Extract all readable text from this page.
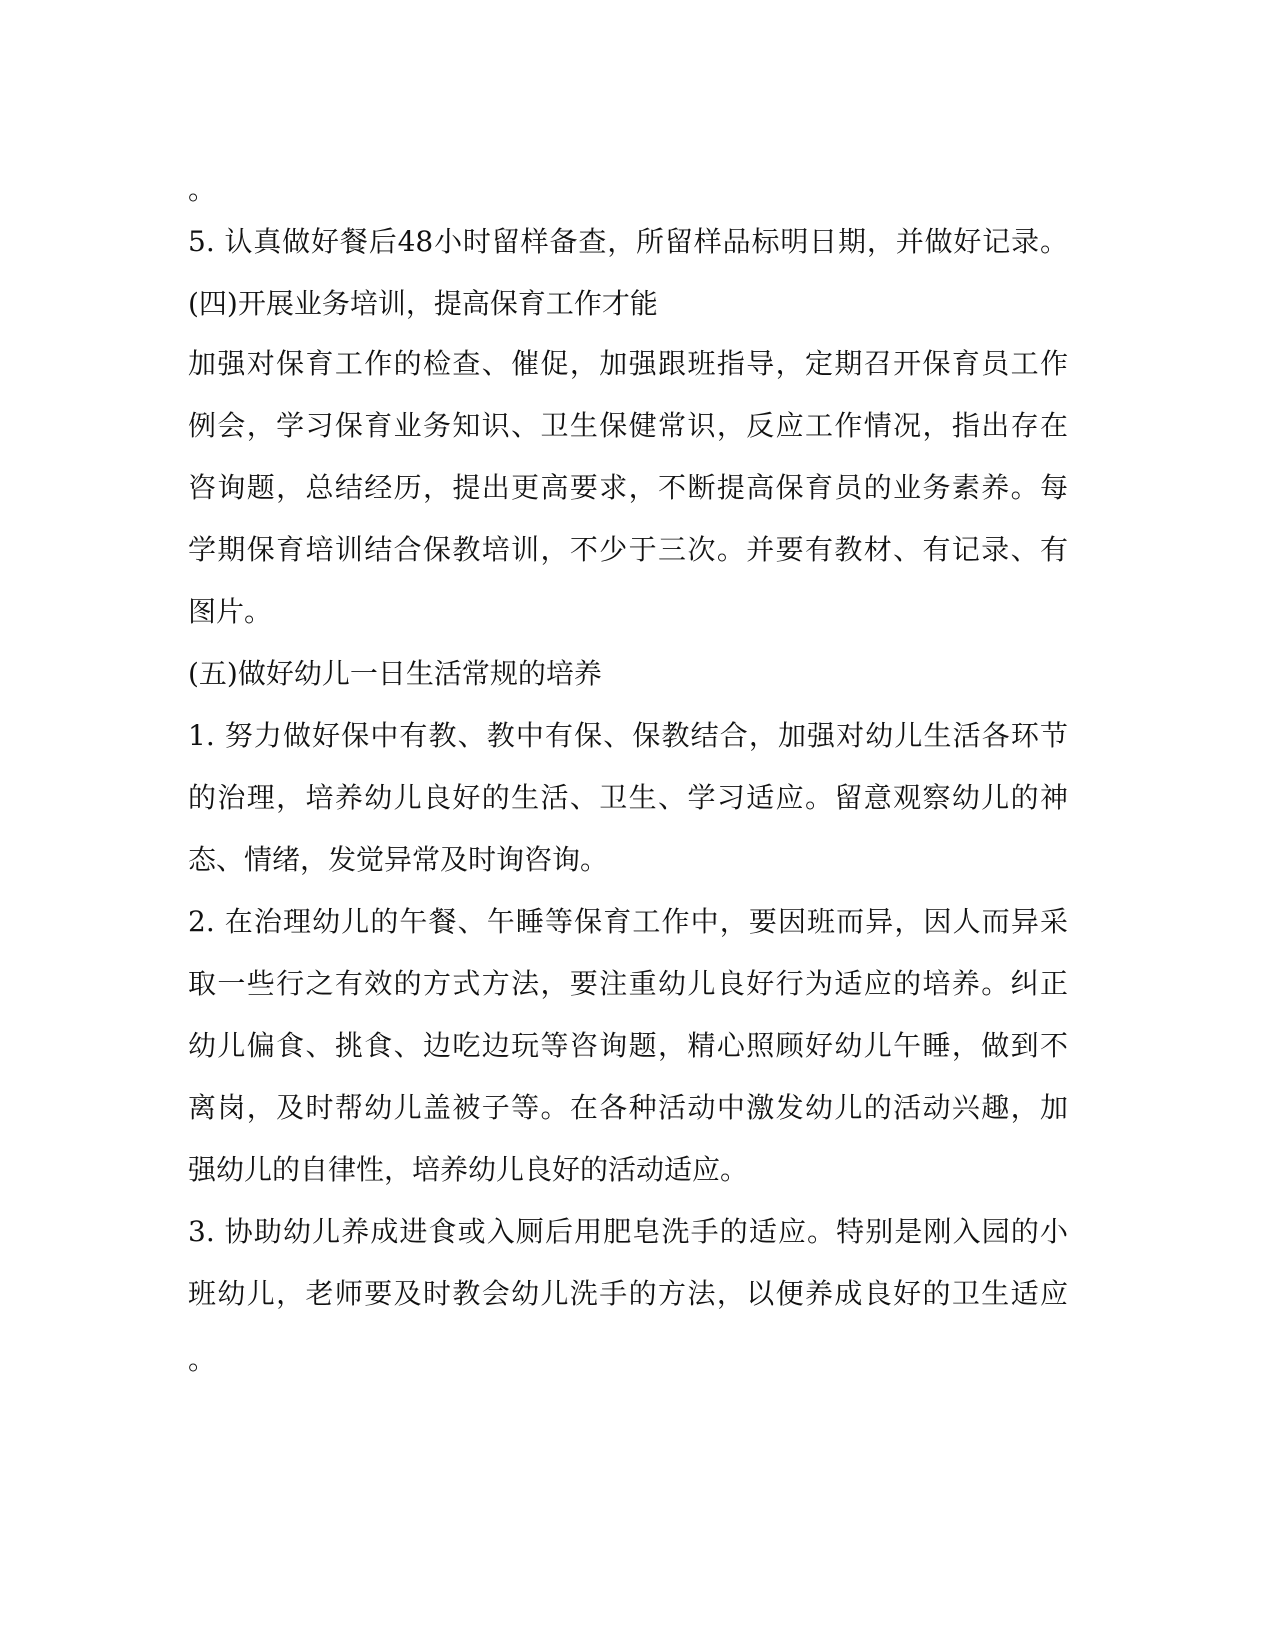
。
5. 认真做好餐后48小时留样备查，所留样品标明日期，并做好记录。
(四)开展业务培训，提高保育工作才能
加强对保育工作的检查、催促，加强跟班指导，定期召开保育员工作
例会，学习保育业务知识、卫生保健常识，反应工作情况，指出存在
咨询题，总结经历，提出更高要求，不断提高保育员的业务素养。每
学期保育培训结合保教培训，不少于三次。并要有教材、有记录、有
图片。
(五)做好幼儿一日生活常规的培养
1. 努力做好保中有教、教中有保、保教结合，加强对幼儿生活各环节
的治理，培养幼儿良好的生活、卫生、学习适应。留意观察幼儿的神
态、情绪，发觉异常及时询咨询。
2. 在治理幼儿的午餐、午睡等保育工作中，要因班而异，因人而异采
取一些行之有效的方式方法，要注重幼儿良好行为适应的培养。纠正
幼儿偏食、挑食、边吃边玩等咨询题，精心照顾好幼儿午睡，做到不
离岗，及时帮幼儿盖被子等。在各种活动中激发幼儿的活动兴趣，加
强幼儿的自律性，培养幼儿良好的活动适应。
3. 协助幼儿养成进食或入厕后用肥皂洗手的适应。特别是刚入园的小
班幼儿，老师要及时教会幼儿洗手的方法，以便养成良好的卫生适应
。
